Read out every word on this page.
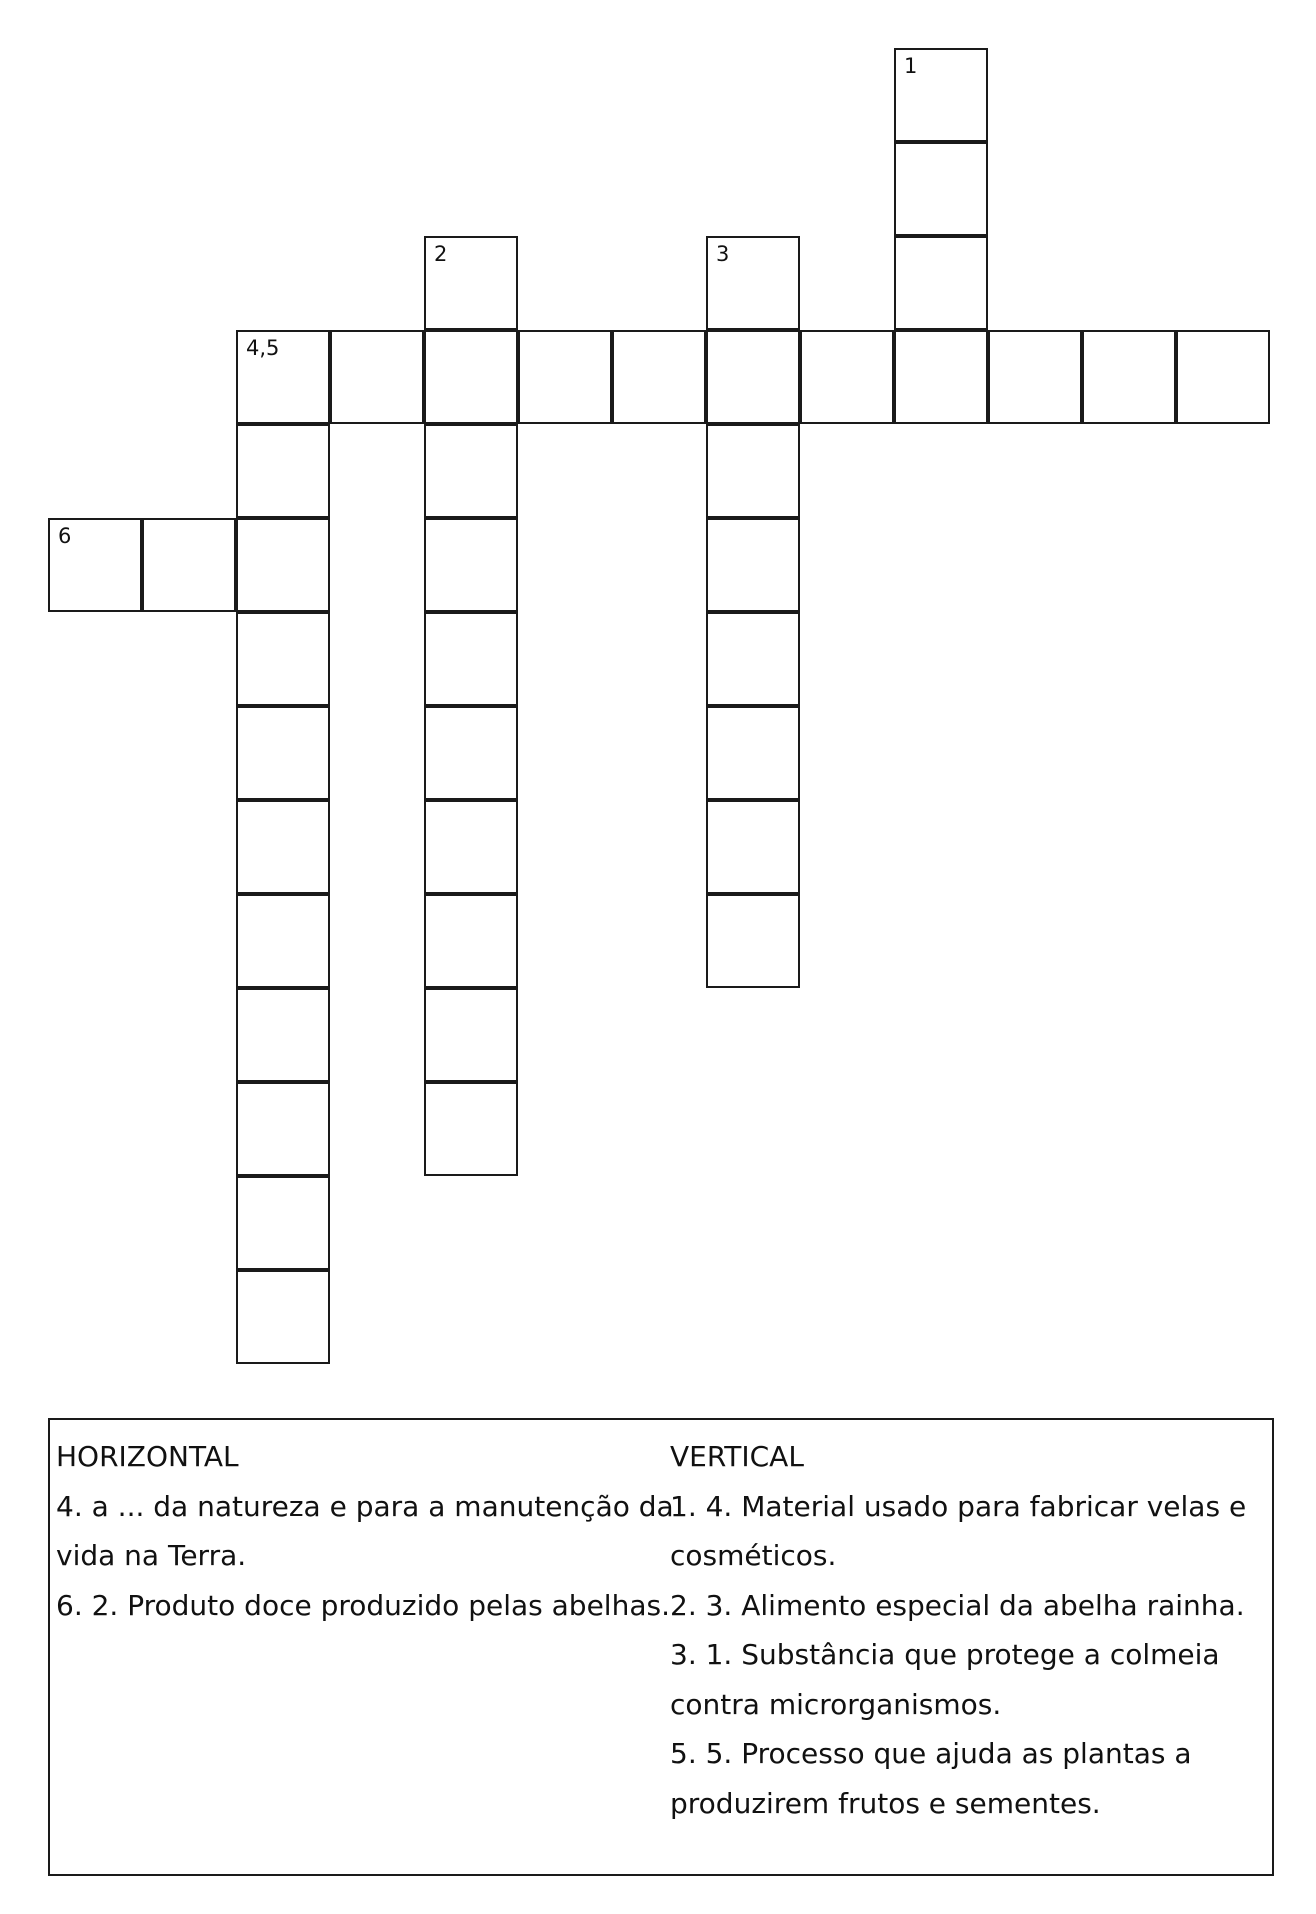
1
2	3
4,5
6
HORIZONTAL
4. a ... da natureza e para a manutenção da
vida na Terra.
6. 2. Produto doce produzido pelas abelhas.
VERTICAL
1. 4. Material usado para fabricar velas e
cosméticos.
2. 3. Alimento especial da abelha rainha.
3. 1. Substância que protege a colmeia
contra microrganismos.
5. 5. Processo que ajuda as plantas a
produzirem frutos e sementes.
